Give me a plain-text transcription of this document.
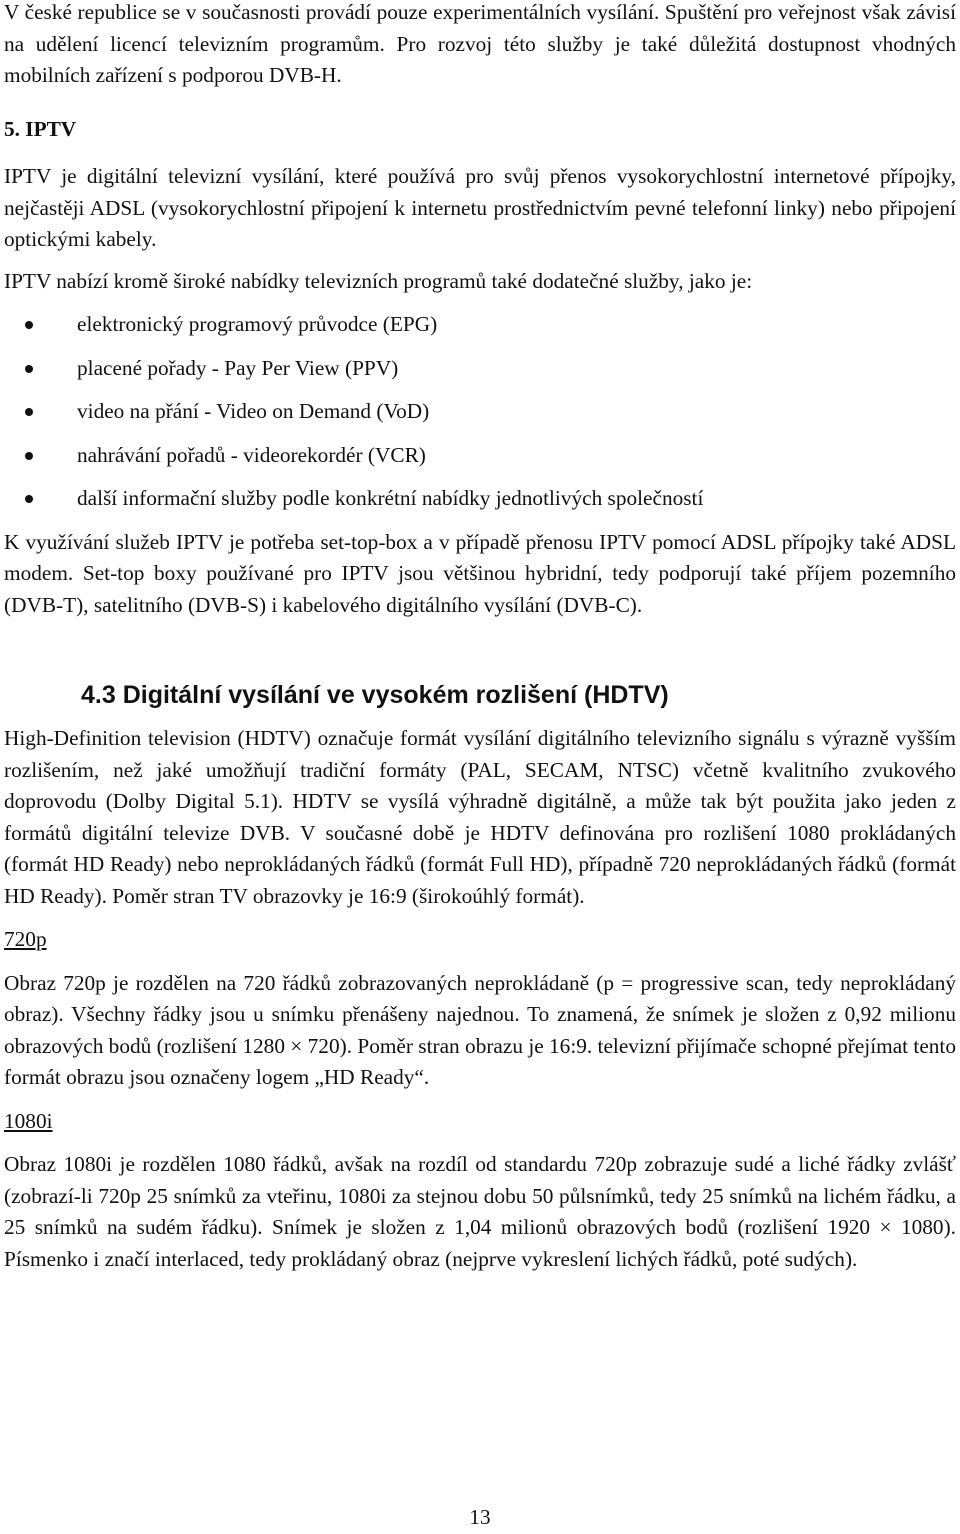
V české republice se v současnosti provádí pouze experimentálních vysílání. Spuštění pro veřejnost však závisí na udělení licencí televizním programům. Pro rozvoj této služby je také důležitá dostupnost vhodných mobilních zařízení s podporou DVB-H.

5. IPTV

IPTV je digitální televizní vysílání, které používá pro svůj přenos vysokorychlostní internetové přípojky, nejčastěji ADSL (vysokorychlostní připojení k internetu prostřednictvím pevné telefonní linky) nebo připojení optickými kabely.

IPTV nabízí kromě široké nabídky televizních programů také dodatečné služby, jako je:

elektronický programový průvodce (EPG)
placené pořady - Pay Per View (PPV)
video na přání - Video on Demand (VoD)
nahrávání pořadů - videorekordér (VCR)
další informační služby podle konkrétní nabídky jednotlivých společností

K využívání služeb IPTV je potřeba set-top-box a v případě přenosu IPTV pomocí ADSL přípojky také ADSL modem. Set-top boxy používané pro IPTV jsou většinou hybridní, tedy podporují také příjem pozemního (DVB-T), satelitního (DVB-S) i kabelového digitálního vysílání (DVB-C).

4.3 Digitální vysílání ve vysokém rozlišení (HDTV)

High-Definition television (HDTV) označuje formát vysílání digitálního televizního signálu s výrazně vyšším rozlišením, než jaké umožňují tradiční formáty (PAL, SECAM, NTSC) včetně kvalitního zvukového doprovodu (Dolby Digital 5.1). HDTV se vysílá výhradně digitálně, a může tak být použita jako jeden z formátů digitální televize DVB. V současné době je HDTV definována pro rozlišení 1080 prokládaných (formát HD Ready) nebo neprokládaných řádků (formát Full HD), případně 720 neprokládaných řádků (formát HD Ready). Poměr stran TV obrazovky je 16:9 (širokoúhlý formát).

720p

Obraz 720p je rozdělen na 720 řádků zobrazovaných neprokládaně (p = progressive scan, tedy neprokládaný obraz). Všechny řádky jsou u snímku přenášeny najednou. To znamená, že snímek je složen z 0,92 milionu obrazových bodů (rozlišení 1280 × 720). Poměr stran obrazu je 16:9. televizní přijímače schopné přejímat tento formát obrazu jsou označeny logem „HD Ready“.

1080i

Obraz 1080i je rozdělen 1080 řádků, avšak na rozdíl od standardu 720p zobrazuje sudé a liché řádky zvlášť (zobrazí-li 720p 25 snímků za vteřinu, 1080i za stejnou dobu 50 půlsnímků, tedy 25 snímků na lichém řádku, a 25 snímků na sudém řádku). Snímek je složen z 1,04 milionů obrazových bodů (rozlišení 1920 × 1080). Písmenko i značí interlaced, tedy prokládaný obraz (nejprve vykreslení lichých řádků, poté sudých).

13
